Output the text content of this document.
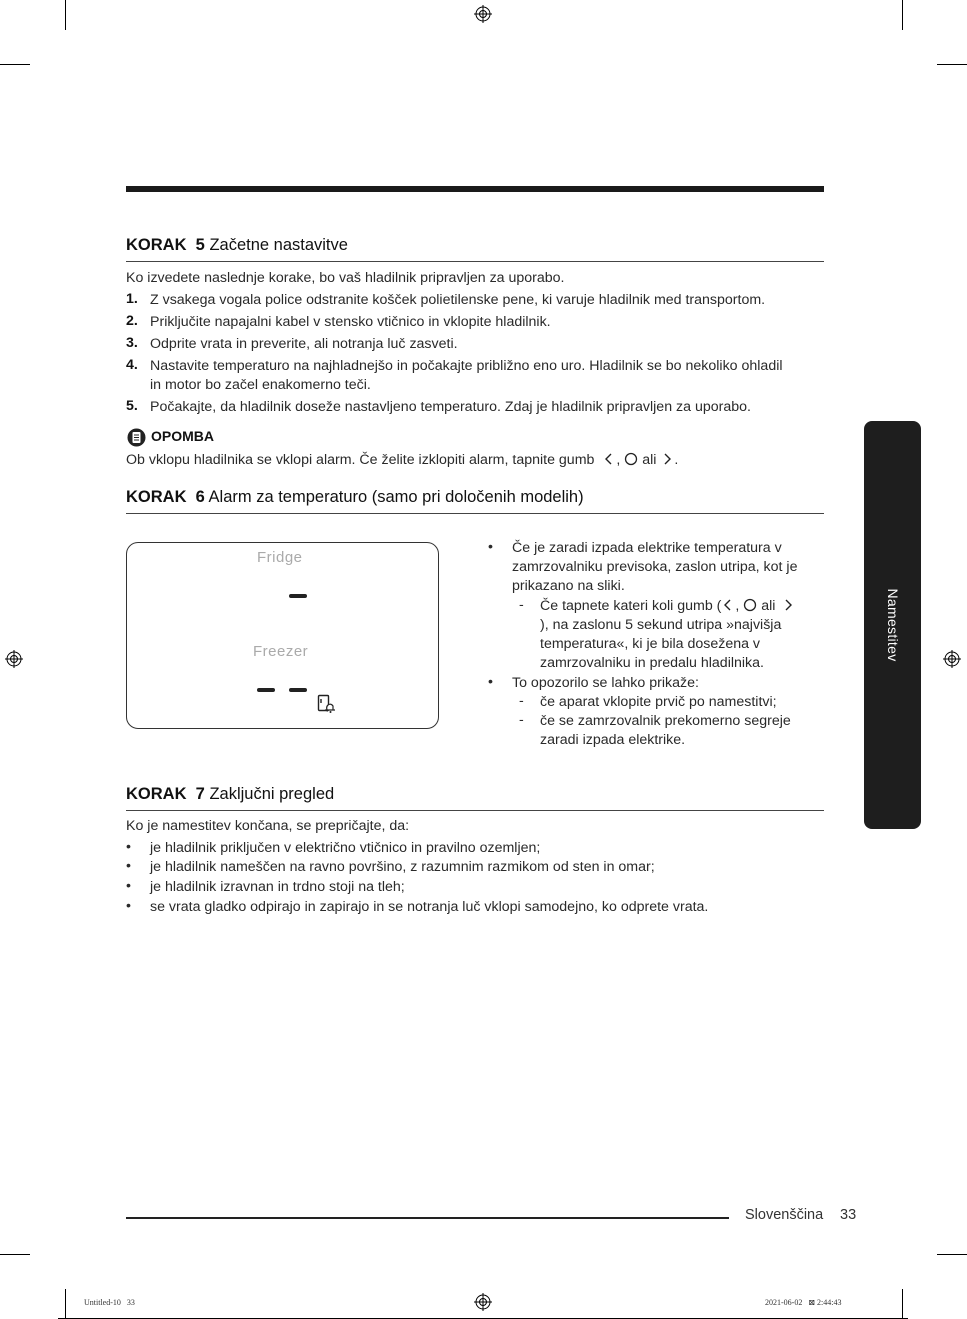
Namestitev
KORAK  5 Začetne nastavitve
Ko izvedete naslednje korake, bo vaš hladilnik pripravljen za uporabo.
1. Z vsakega vogala police odstranite košček polietilenske pene, ki varuje hladilnik med transportom.
2. Priključite napajalni kabel v stensko vtičnico in vklopite hladilnik.
3. Odprite vrata in preverite, ali notranja luč zasveti.
4. Nastavite temperaturo na najhladnejšo in počakajte približno eno uro. Hladilnik se bo nekoliko ohladil
in motor bo začel enakomerno teči.
5. Počakajte, da hladilnik doseže nastavljeno temperaturo. Zdaj je hladilnik pripravljen za uporabo.
OPOMBA
Ob vklopu hladilnika se vklopi alarm. Če želite izklopiti alarm, tapnite gumb , ali .
KORAK  6 Alarm za temperaturo (samo pri določenih modelih)
Fridge
Freezer
• Če je zaradi izpada elektrike temperatura v
zamrzovalniku previsoka, zaslon utripa, kot je
prikazano na sliki.
- Če tapnete kateri koli gumb ( , ali
), na zaslonu 5 sekund utripa »najvišja
temperatura«, ki je bila dosežena v
zamrzovalniku in predalu hladilnika.
• To opozorilo se lahko prikaže:
- če aparat vklopite prvič po namestitvi;
- če se zamrzovalnik prekomerno segreje
zaradi izpada elektrike.
KORAK  7 Zaključni pregled
Ko je namestitev končana, se prepričajte, da:
• je hladilnik priključen v električno vtičnico in pravilno ozemljen;
• je hladilnik nameščen na ravno površino, z razumnim razmikom od sten in omar;
• je hladilnik izravnan in trdno stoji na tleh;
• se vrata gladko odpirajo in zapirajo in se notranja luč vklopi samodejno, ko odprete vrata.
Slovenščina 33
Untitled-10   33	2021-06-02   ⊠ 2:44:43
